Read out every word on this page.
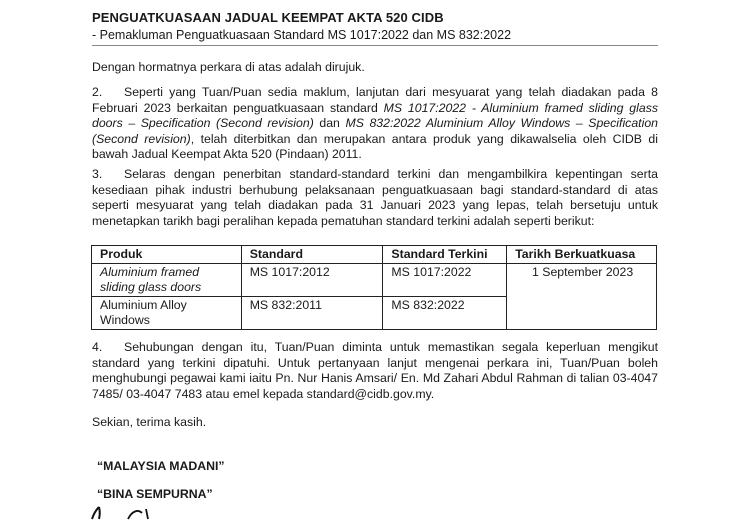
PENGUATKUASAAN JADUAL KEEMPAT AKTA 520 CIDB
- Pemakluman Penguatkuasaan Standard MS 1017:2022 dan MS 832:2022
Dengan hormatnya perkara di atas adalah dirujuk.
2. Seperti yang Tuan/Puan sedia maklum, lanjutan dari mesyuarat yang telah diadakan pada 8 Februari 2023 berkaitan penguatkuasaan standard MS 1017:2022 - Aluminium framed sliding glass doors – Specification (Second revision) dan MS 832:2022 Aluminium Alloy Windows – Specification (Second revision), telah diterbitkan dan merupakan antara produk yang dikawalselia oleh CIDB di bawah Jadual Keempat Akta 520 (Pindaan) 2011.
3. Selaras dengan penerbitan standard-standard terkini dan mengambilkira kepentingan serta kesediaan pihak industri berhubung pelaksanaan penguatkuasaan bagi standard-standard di atas seperti mesyuarat yang telah diadakan pada 31 Januari 2023 yang lepas, telah bersetuju untuk menetapkan tarikh bagi peralihan kepada pematuhan standard terkini adalah seperti berikut:
Produk	Standard	Standard Terkini	Tarikh Berkuatkuasa
Aluminium framed sliding glass doors	MS 1017:2012	MS 1017:2022	1 September 2023
Aluminium Alloy Windows	MS 832:2011	MS 832:2022	
4. Sehubungan dengan itu, Tuan/Puan diminta untuk memastikan segala keperluan mengikut standard yang terkini dipatuhi. Untuk pertanyaan lanjut mengenai perkara ini, Tuan/Puan boleh menghubungi pegawai kami iaitu Pn. Nur Hanis Amsari/ En. Md Zahari Abdul Rahman di talian 03-4047 7485/ 03-4047 7483 atau emel kepada standard@cidb.gov.my.
Sekian, terima kasih.
“MALAYSIA MADANI”
“BINA SEMPURNA”
